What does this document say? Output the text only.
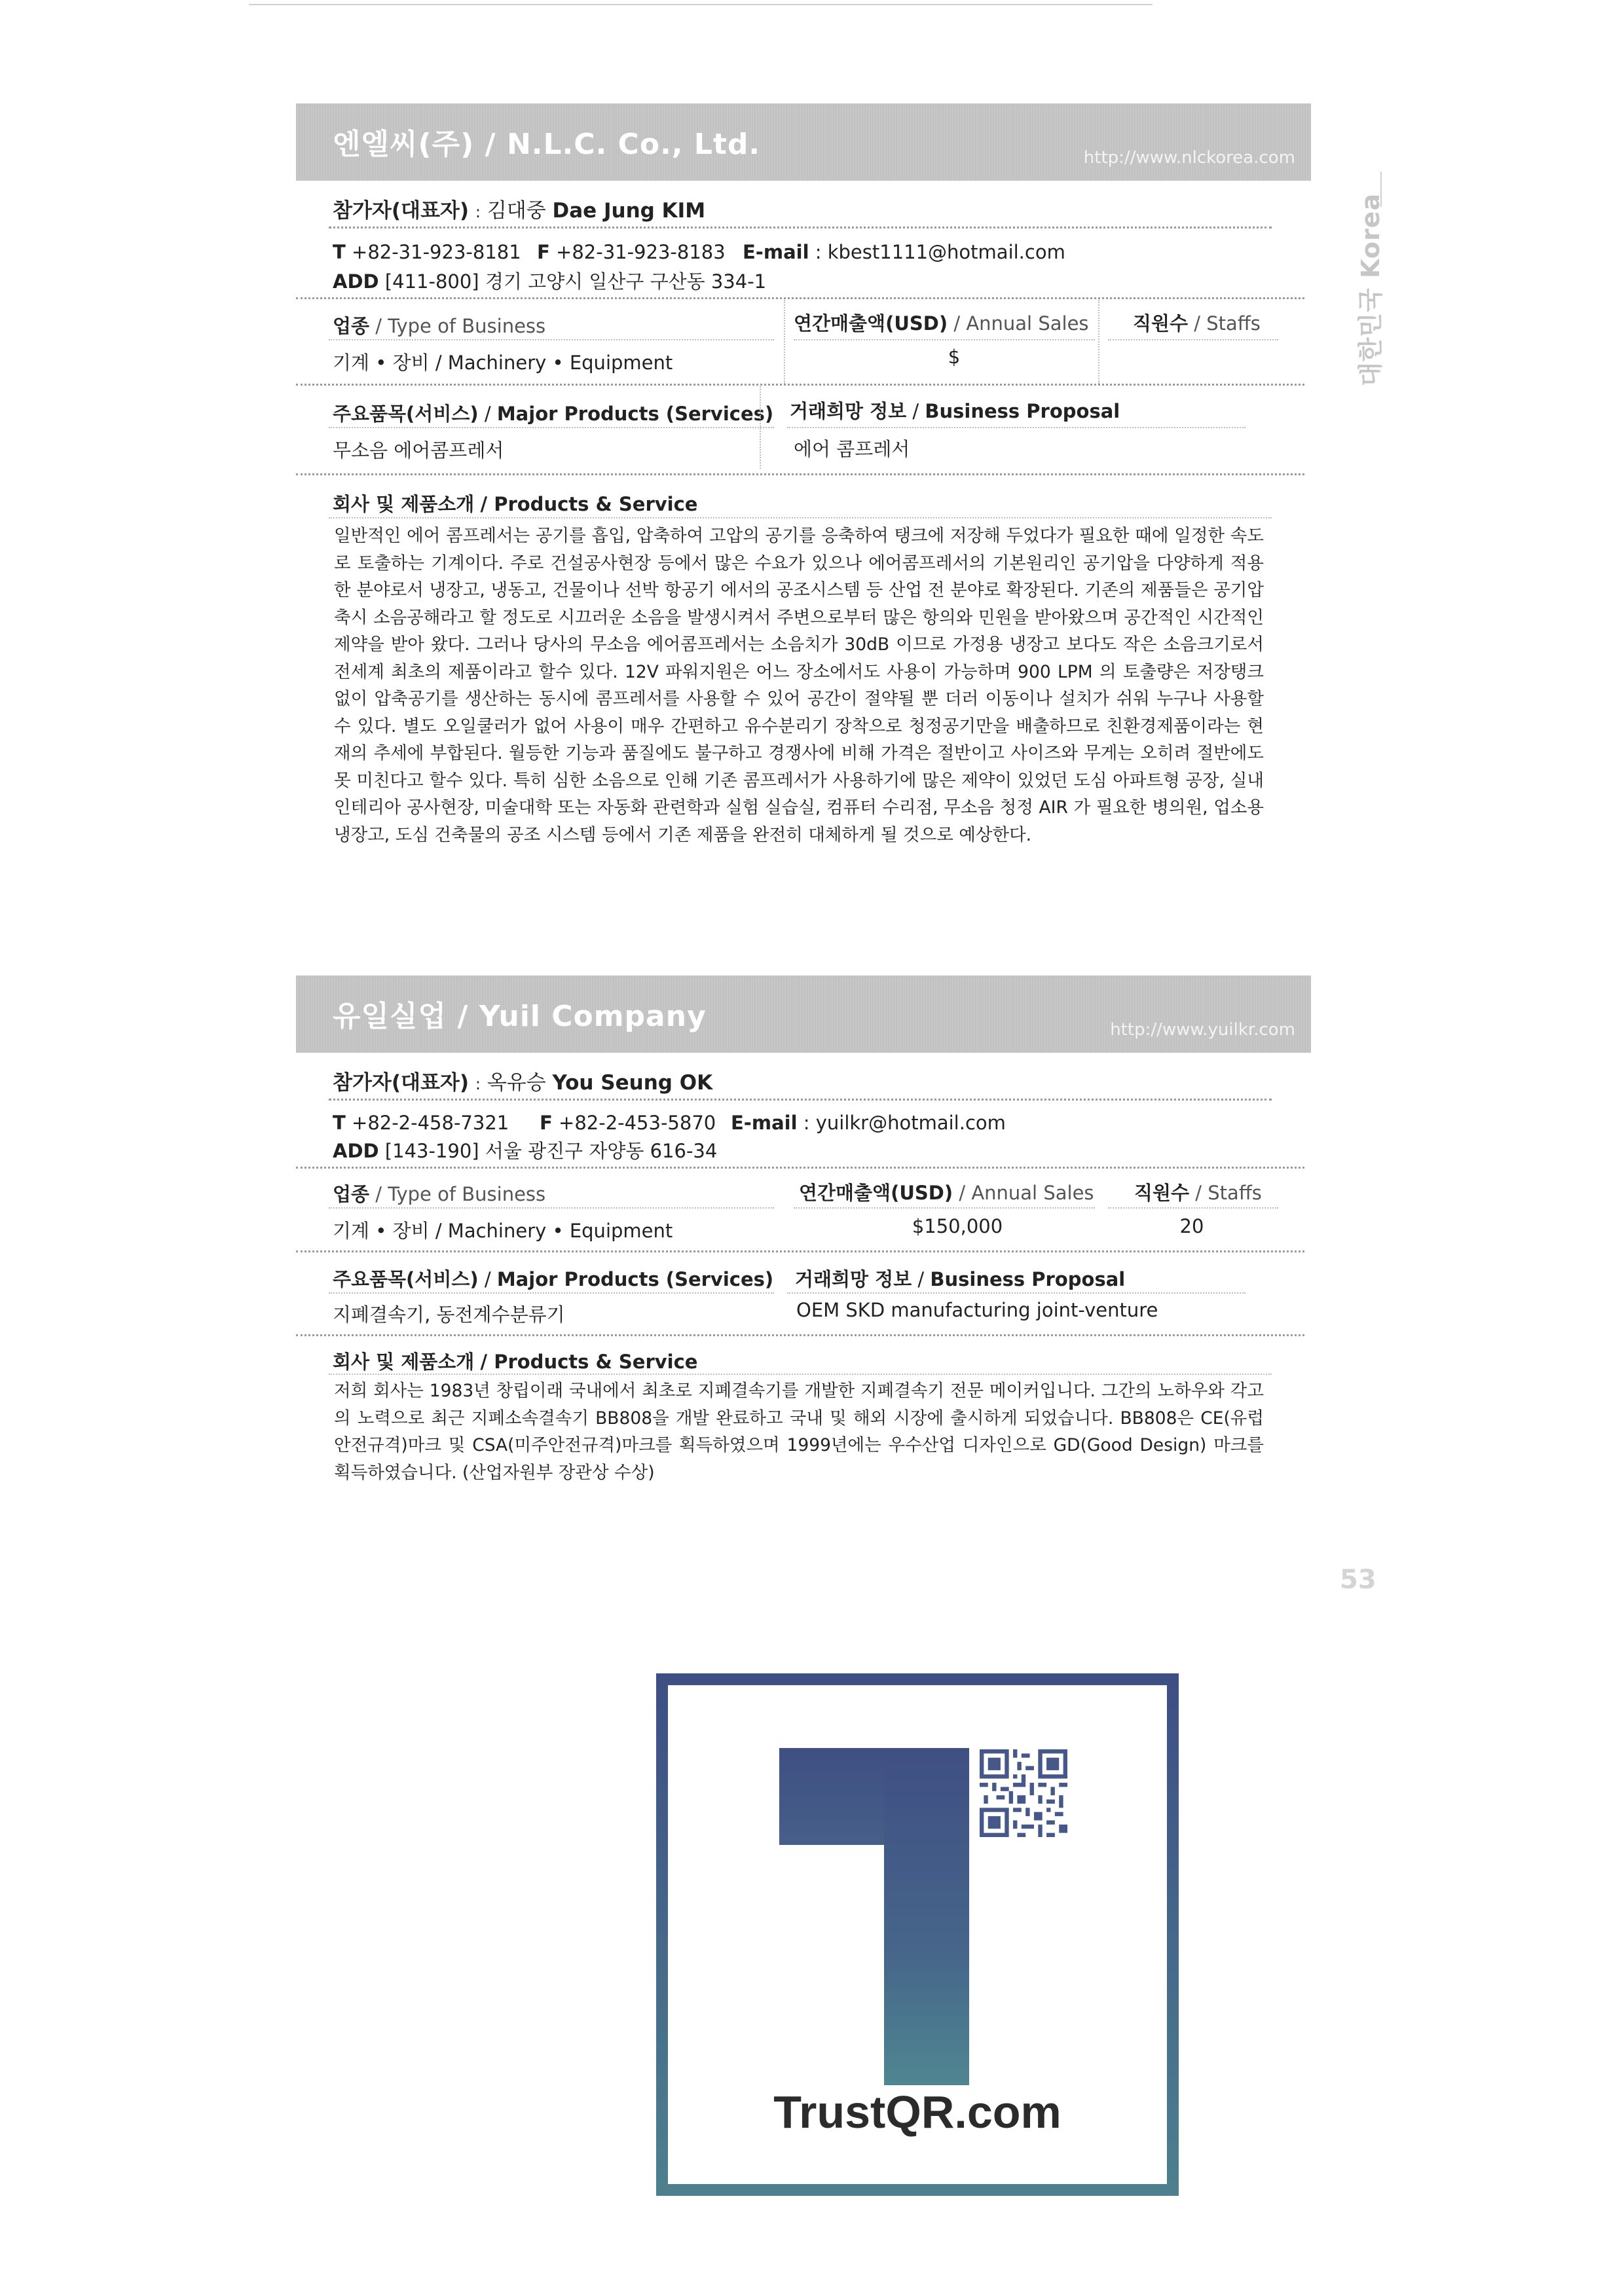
대한민국 Korea
엔엘씨(주) / N.L.C. Co., Ltd.	http://www.nlckorea.com
참가자(대표자) : 김대중 Dae Jung KIM
T +82-31-923-8181 F +82-31-923-8183 E-mail : kbest1111@hotmail.com
ADD [411-800] 경기 고양시 일산구 구산동 334-1
업종 / Type of Business	연간매출액(USD) / Annual Sales 직원수 / Staffs
기계 • 장비 / Machinery • Equipment	$
주요품목(서비스) / Major Products (Services) 거래희망 정보 / Business Proposal
무소음 에어콤프레서	에어 콤프레서
회사 및 제품소개 / Products & Service
일반적인 에어 콤프레서는 공기를 흡입, 압축하여 고압의 공기를 응축하여 탱크에 저장해 두었다가 필요한 때에 일정한 속도로 토출하는 기계이다. 주로 건설공사현장 등에서 많은 수요가 있으나 에어콤프레서의 기본원리인 공기압을 다양하게 적용한 분야로서 냉장고, 냉동고, 건물이나 선박 항공기 에서의 공조시스템 등 산업 전 분야로 확장된다. 기존의 제품들은 공기압축시 소음공해라고 할 정도로 시끄러운 소음을 발생시켜서 주변으로부터 많은 항의와 민원을 받아왔으며 공간적인 시간적인 제약을 받아 왔다. 그러나 당사의 무소음 에어콤프레서는 소음치가 30dB 이므로 가정용 냉장고 보다도 작은 소음크기로서 전세계 최초의 제품이라고 할수 있다. 12V 파워지원은 어느 장소에서도 사용이 가능하며 900 LPM 의 토출량은 저장탱크 없이 압축공기를 생산하는 동시에 콤프레서를 사용할 수 있어 공간이 절약될 뿐 더러 이동이나 설치가 쉬워 누구나 사용할 수 있다. 별도 오일쿨러가 없어 사용이 매우 간편하고 유수분리기 장착으로 청정공기만을 배출하므로 친환경제품이라는 현재의 추세에 부합된다. 월등한 기능과 품질에도 불구하고 경쟁사에 비해 가격은 절반이고 사이즈와 무게는 오히려 절반에도 못 미친다고 할수 있다. 특히 심한 소음으로 인해 기존 콤프레서가 사용하기에 많은 제약이 있었던 도심 아파트형 공장, 실내인테리아 공사현장, 미술대학 또는 자동화 관련학과 실험 실습실, 컴퓨터 수리점, 무소음 청정 AIR 가 필요한 병의원, 업소용 냉장고, 도심 건축물의 공조 시스템 등에서 기존 제품을 완전히 대체하게 될 것으로 예상한다.
유일실업 / Yuil Company	http://www.yuilkr.com
참가자(대표자) : 옥유승 You Seung OK
T +82-2-458-7321 F +82-2-453-5870 E-mail : yuilkr@hotmail.com
ADD [143-190] 서울 광진구 자양동 616-34
업종 / Type of Business	연간매출액(USD) / Annual Sales 직원수 / Staffs
기계 • 장비 / Machinery • Equipment	$150,000	20
주요품목(서비스) / Major Products (Services) 거래희망 정보 / Business Proposal
지폐결속기, 동전계수분류기	OEM SKD manufacturing joint-venture
회사 및 제품소개 / Products & Service
저희 회사는 1983년 창립이래 국내에서 최초로 지폐결속기를 개발한 지폐결속기 전문 메이커입니다. 그간의 노하우와 각고의 노력으로 최근 지폐소속결속기 BB808을 개발 완료하고 국내 및 해외 시장에 출시하게 되었습니다. BB808은 CE(유럽안전규격)마크 및 CSA(미주안전규격)마크를 획득하였으며 1999년에는 우수산업 디자인으로 GD(Good Design) 마크를 획득하였습니다. (산업자원부 장관상 수상)
53
TrustQR.com
